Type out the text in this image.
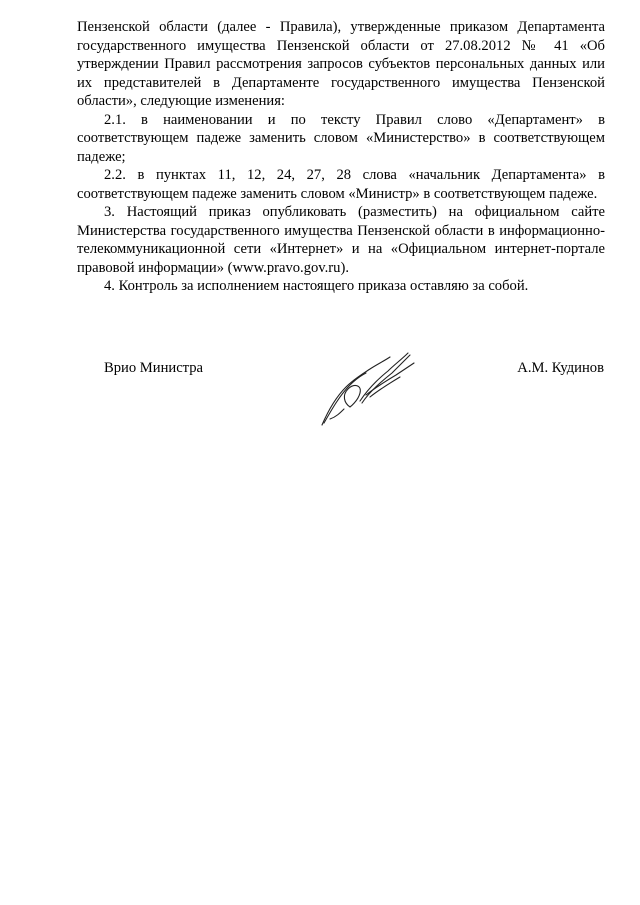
Пензенской области (далее - Правила), утвержденные приказом Департамента государственного имущества Пензенской области от 27.08.2012 № 41 «Об утверждении Правил рассмотрения запросов субъектов персональных данных или их представителей в Департаменте государственного имущества Пензенской области», следующие изменения:

2.1. в наименовании и по тексту Правил слово «Департамент» в соответствующем падеже заменить словом «Министерство» в соответствующем падеже;

2.2. в пунктах 11, 12, 24, 27, 28 слова «начальник Департамента» в соответствующем падеже заменить словом «Министр» в соответствующем падеже.

3. Настоящий приказ опубликовать (разместить) на официальном сайте Министерства государственного имущества Пензенской области в информационно-телекоммуникационной сети «Интернет» и на «Официальном интернет-портале правовой информации» (www.pravo.gov.ru).

4. Контроль за исполнением настоящего приказа оставляю за собой.

Врио Министра	А.М. Кудинов
